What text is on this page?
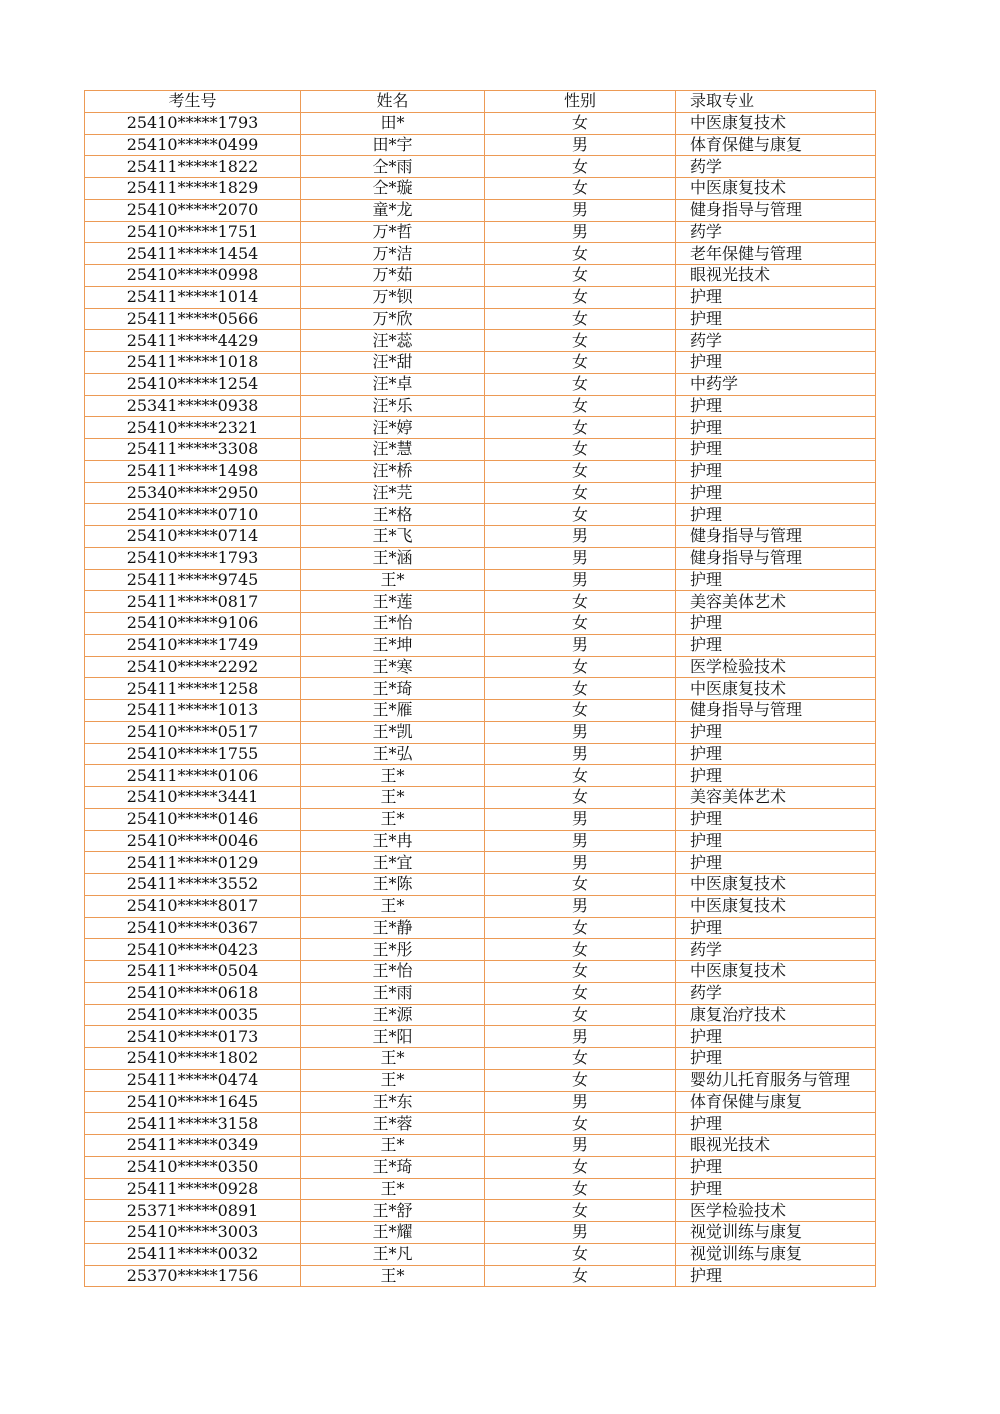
考生号	姓名	性别	录取专业
25410*****1793	田*	女	中医康复技术
25410*****0499	田*宇	男	体育保健与康复
25411*****1822	仝*雨	女	药学
25411*****1829	仝*璇	女	中医康复技术
25410*****2070	童*龙	男	健身指导与管理
25410*****1751	万*哲	男	药学
25411*****1454	万*洁	女	老年保健与管理
25410*****0998	万*茹	女	眼视光技术
25411*****1014	万*钡	女	护理
25411*****0566	万*欣	女	护理
25411*****4429	汪*蕊	女	药学
25411*****1018	汪*甜	女	护理
25410*****1254	汪*卓	女	中药学
25341*****0938	汪*乐	女	护理
25410*****2321	汪*婷	女	护理
25411*****3308	汪*慧	女	护理
25411*****1498	汪*桥	女	护理
25340*****2950	汪*芫	女	护理
25410*****0710	王*格	女	护理
25410*****0714	王*飞	男	健身指导与管理
25410*****1793	王*涵	男	健身指导与管理
25411*****9745	王*	男	护理
25411*****0817	王*莲	女	美容美体艺术
25410*****9106	王*怡	女	护理
25410*****1749	王*坤	男	护理
25410*****2292	王*寒	女	医学检验技术
25411*****1258	王*琦	女	中医康复技术
25411*****1013	王*雁	女	健身指导与管理
25410*****0517	王*凯	男	护理
25410*****1755	王*弘	男	护理
25411*****0106	王*	女	护理
25410*****3441	王*	女	美容美体艺术
25410*****0146	王*	男	护理
25410*****0046	王*冉	男	护理
25411*****0129	王*宜	男	护理
25411*****3552	王*陈	女	中医康复技术
25410*****8017	王*	男	中医康复技术
25410*****0367	王*静	女	护理
25410*****0423	王*彤	女	药学
25411*****0504	王*怡	女	中医康复技术
25410*****0618	王*雨	女	药学
25410*****0035	王*源	女	康复治疗技术
25410*****0173	王*阳	男	护理
25410*****1802	王*	女	护理
25411*****0474	王*	女	婴幼儿托育服务与管理
25410*****1645	王*东	男	体育保健与康复
25411*****3158	王*蓉	女	护理
25411*****0349	王*	男	眼视光技术
25410*****0350	王*琦	女	护理
25411*****0928	王*	女	护理
25371*****0891	王*舒	女	医学检验技术
25410*****3003	王*耀	男	视觉训练与康复
25411*****0032	王*凡	女	视觉训练与康复
25370*****1756	王*	女	护理
